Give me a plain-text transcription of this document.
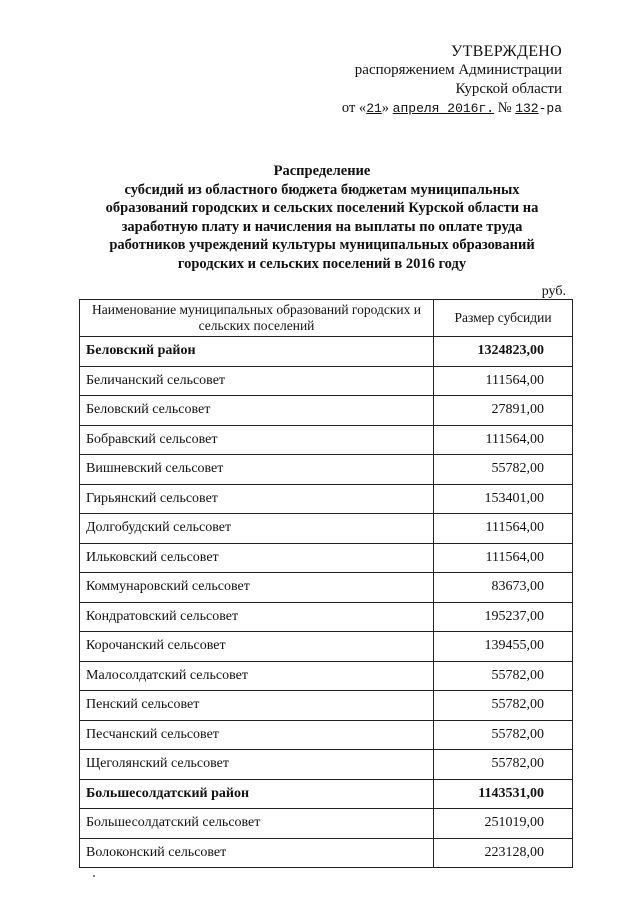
УТВЕРЖДЕНО
распоряжением Администрации
Курской области
от «21» апреля 2016г. № 132-ра
Распределение
субсидий из областного бюджета бюджетам муниципальных
образований городских и сельских поселений Курской области на
заработную плату и начисления на выплаты по оплате труда
работников учреждений культуры муниципальных образований
городских и сельских поселений в 2016 году
руб.
Наименование муниципальных образований городских и сельских поселений	Размер субсидии
Беловский район	1324823,00
Беличанский сельсовет	111564,00
Беловский сельсовет	27891,00
Бобравский сельсовет	111564,00
Вишневский сельсовет	55782,00
Гирьянский сельсовет	153401,00
Долгобудский сельсовет	111564,00
Ильковский сельсовет	111564,00
Коммунаровский сельсовет	83673,00
Кондратовский сельсовет	195237,00
Корочанский сельсовет	139455,00
Малосолдатский сельсовет	55782,00
Пенский сельсовет	55782,00
Песчанский сельсовет	55782,00
Щеголянский сельсовет	55782,00
Большесолдатский район	1143531,00
Большесолдатский сельсовет	251019,00
Волоконский сельсовет	223128,00
